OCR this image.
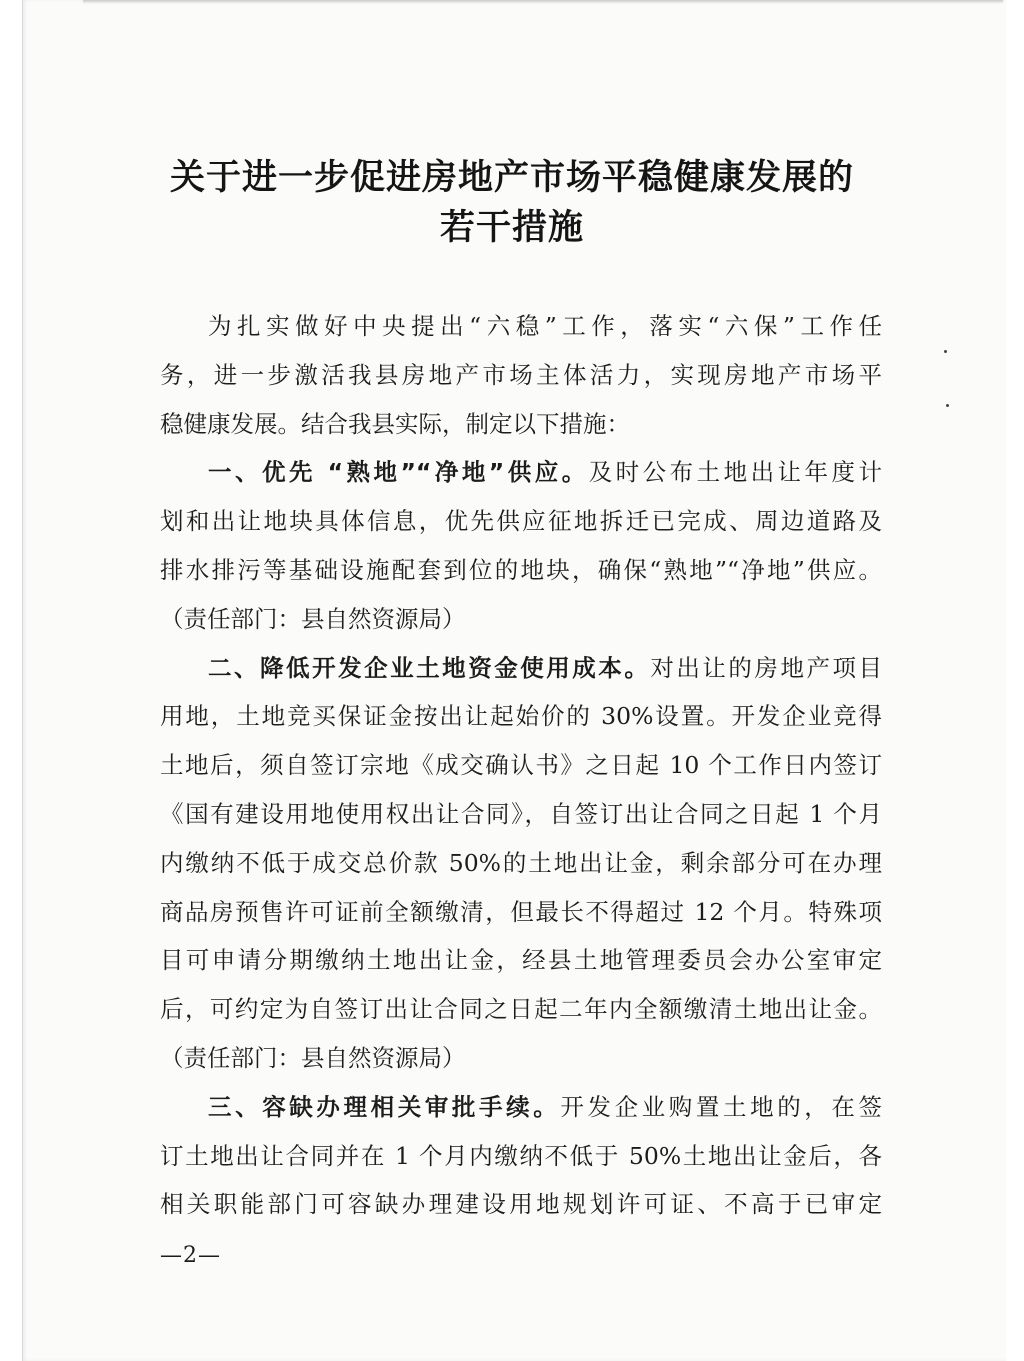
关于进一步促进房地产市场平稳健康发展的
若干措施
为扎实做好中央提出“六稳”工作，落实“六保”工作任
务，进一步激活我县房地产市场主体活力，实现房地产市场平
稳健康发展。结合我县实际，制定以下措施：
一、优先 “熟地”“净地”供应。及时公布土地出让年度计
划和出让地块具体信息，优先供应征地拆迁已完成、周边道路及
排水排污等基础设施配套到位的地块，确保“熟地”“净地”供应。
（责任部门：县自然资源局）
二、降低开发企业土地资金使用成本。对出让的房地产项目
用地，土地竞买保证金按出让起始价的 30%设置。开发企业竞得
土地后，须自签订宗地《成交确认书》之日起 10 个工作日内签订
《国有建设用地使用权出让合同》，自签订出让合同之日起 1 个月
内缴纳不低于成交总价款 50%的土地出让金，剩余部分可在办理
商品房预售许可证前全额缴清，但最长不得超过 12 个月。特殊项
目可申请分期缴纳土地出让金，经县土地管理委员会办公室审定
后，可约定为自签订出让合同之日起二年内全额缴清土地出让金。
（责任部门：县自然资源局）
三、容缺办理相关审批手续。开发企业购置土地的，在签
订土地出让合同并在 1 个月内缴纳不低于 50%土地出让金后，各
相关职能部门可容缺办理建设用地规划许可证、不高于已审定
—2—
